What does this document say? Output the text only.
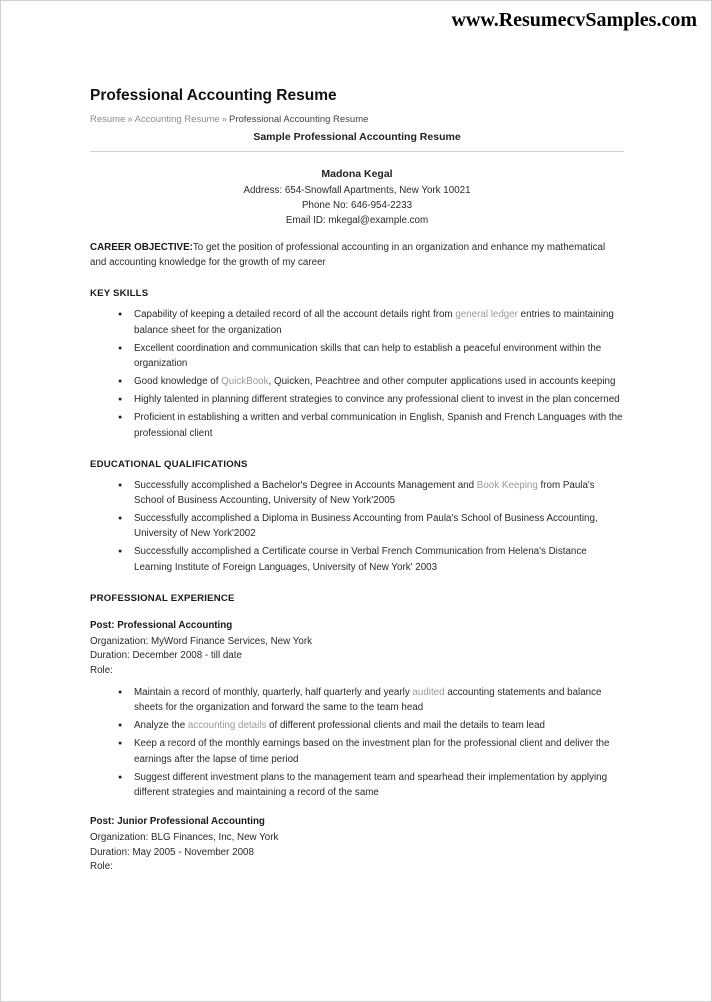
www.ResumecvSamples.com
Professional Accounting Resume
Resume » Accounting Resume » Professional Accounting Resume
Sample Professional Accounting Resume
Madona Kegal
Address: 654-Snowfall Apartments, New York 10021
Phone No: 646-954-2233
Email ID: mkegal@example.com

CAREER OBJECTIVE:To get the position of professional accounting in an organization and enhance my mathematical and accounting knowledge for the growth of my career

KEY SKILLS
● Capability of keeping a detailed record of all the account details right from general ledger entries to maintaining balance sheet for the organization
● Excellent coordination and communication skills that can help to establish a peaceful environment within the organization
● Good knowledge of QuickBook, Quicken, Peachtree and other computer applications used in accounts keeping
● Highly talented in planning different strategies to convince any professional client to invest in the plan concerned
● Proficient in establishing a written and verbal communication in English, Spanish and French Languages with the professional client
EDUCATIONAL QUALIFICATIONS
● Successfully accomplished a Bachelor's Degree in Accounts Management and Book Keeping from Paula's School of Business Accounting, University of New York'2005
● Successfully accomplished a Diploma in Business Accounting from Paula's School of Business Accounting, University of New York'2002
● Successfully accomplished a Certificate course in Verbal French Communication from Helena's Distance Learning Institute of Foreign Languages, University of New York' 2003
PROFESSIONAL EXPERIENCE
Post: Professional Accounting
Organization: MyWord Finance Services, New York
Duration: December 2008 - till date
Role:
● Maintain a record of monthly, quarterly, half quarterly and yearly audited accounting statements and balance sheets for the organization and forward the same to the team head
● Analyze the accounting details of different professional clients and mail the details to team lead
● Keep a record of the monthly earnings based on the investment plan for the professional client and deliver the earnings after the lapse of time period
● Suggest different investment plans to the management team and spearhead their implementation by applying different strategies and maintaining a record of the same
Post: Junior Professional Accounting
Organization: BLG Finances, Inc, New York
Duration: May 2005 - November 2008
Role:
